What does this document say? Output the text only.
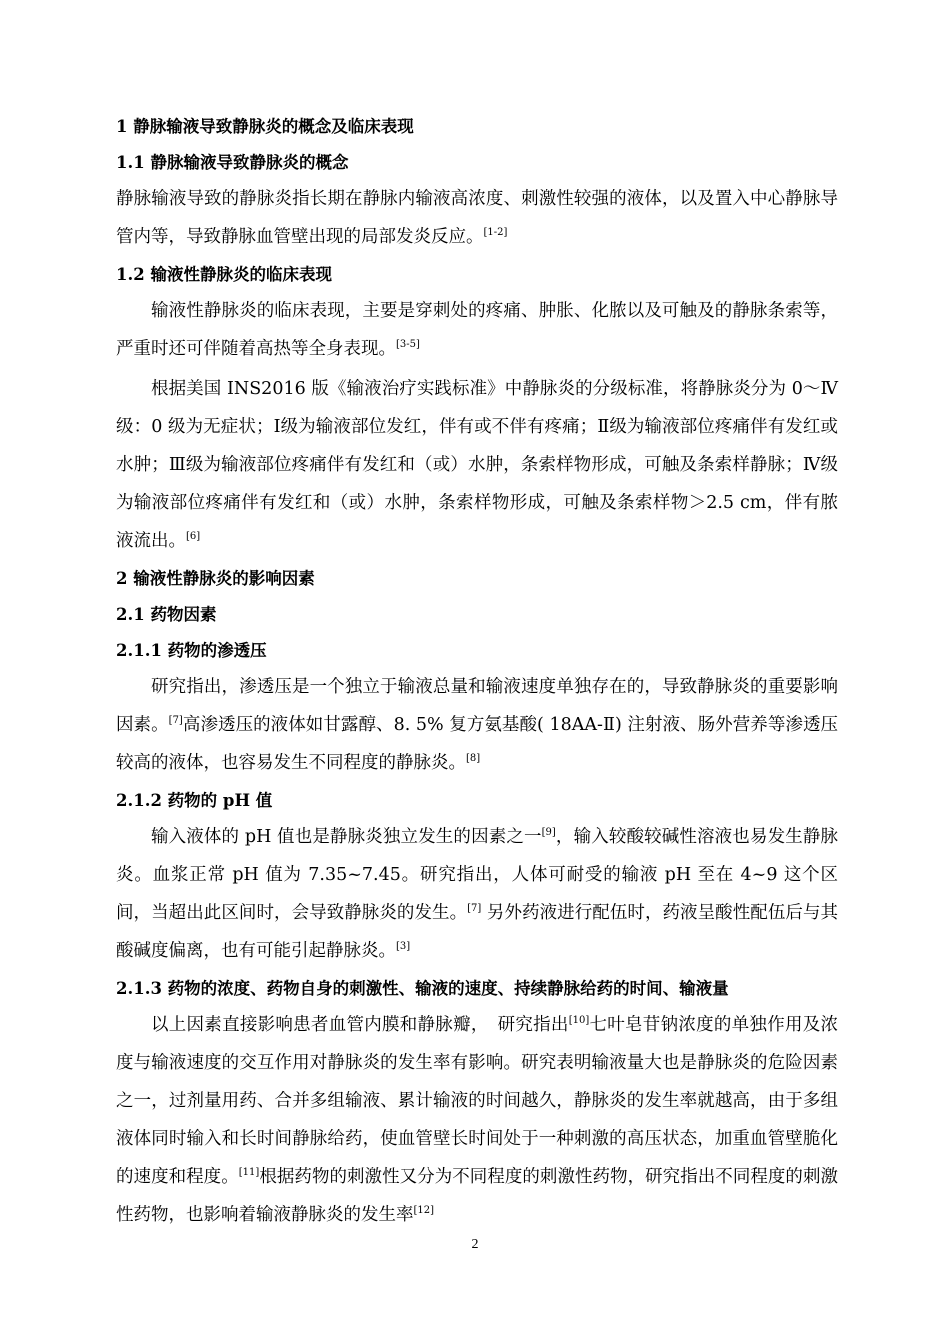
1 静脉输液导致静脉炎的概念及临床表现
1.1 静脉输液导致静脉炎的概念
静脉输液导致的静脉炎指长期在静脉内输液高浓度、刺激性较强的液体，以及置入中心静脉导管内等，导致静脉血管壁出现的局部发炎反应。[1-2]
1.2 输液性静脉炎的临床表现
输液性静脉炎的临床表现，主要是穿刺处的疼痛、肿胀、化脓以及可触及的静脉条索等，严重时还可伴随着高热等全身表现。[3-5]
根据美国 INS2016 版《输液治疗实践标准》中静脉炎的分级标准，将静脉炎分为 0～Ⅳ级：0 级为无症状；Ⅰ级为输液部位发红，伴有或不伴有疼痛；Ⅱ级为输液部位疼痛伴有发红或水肿；Ⅲ级为输液部位疼痛伴有发红和（或）水肿，条索样物形成，可触及条索样静脉；Ⅳ级为输液部位疼痛伴有发红和（或）水肿，条索样物形成，可触及条索样物＞2.5 cm，伴有脓液流出。[6]
2 输液性静脉炎的影响因素
2.1 药物因素
2.1.1 药物的渗透压
研究指出，渗透压是一个独立于输液总量和输液速度单独存在的，导致静脉炎的重要影响因素。[7]高渗透压的液体如甘露醇、8. 5% 复方氨基酸( 18AA-Ⅱ) 注射液、肠外营养等渗透压较高的液体，也容易发生不同程度的静脉炎。[8]
2.1.2 药物的 pH 值
输入液体的 pH 值也是静脉炎独立发生的因素之一[9]，输入较酸较碱性溶液也易发生静脉炎。血浆正常 pH 值为 7.35~7.45。研究指出，人体可耐受的输液 pH 至在 4~9 这个区间，当超出此区间时，会导致静脉炎的发生。[7] 另外药液进行配伍时，药液呈酸性配伍后与其酸碱度偏离，也有可能引起静脉炎。[3]
2.1.3 药物的浓度、药物自身的刺激性、输液的速度、持续静脉给药的时间、输液量
以上因素直接影响患者血管内膜和静脉瓣，　研究指出[10]七叶皂苷钠浓度的单独作用及浓度与输液速度的交互作用对静脉炎的发生率有影响。研究表明输液量大也是静脉炎的危险因素之一，过剂量用药、合并多组输液、累计输液的时间越久，静脉炎的发生率就越高，由于多组液体同时输入和长时间静脉给药，使血管壁长时间处于一种刺激的高压状态，加重血管壁脆化的速度和程度。[11]根据药物的刺激性又分为不同程度的刺激性药物，研究指出不同程度的刺激性药物，也影响着输液静脉炎的发生率[12]
2
